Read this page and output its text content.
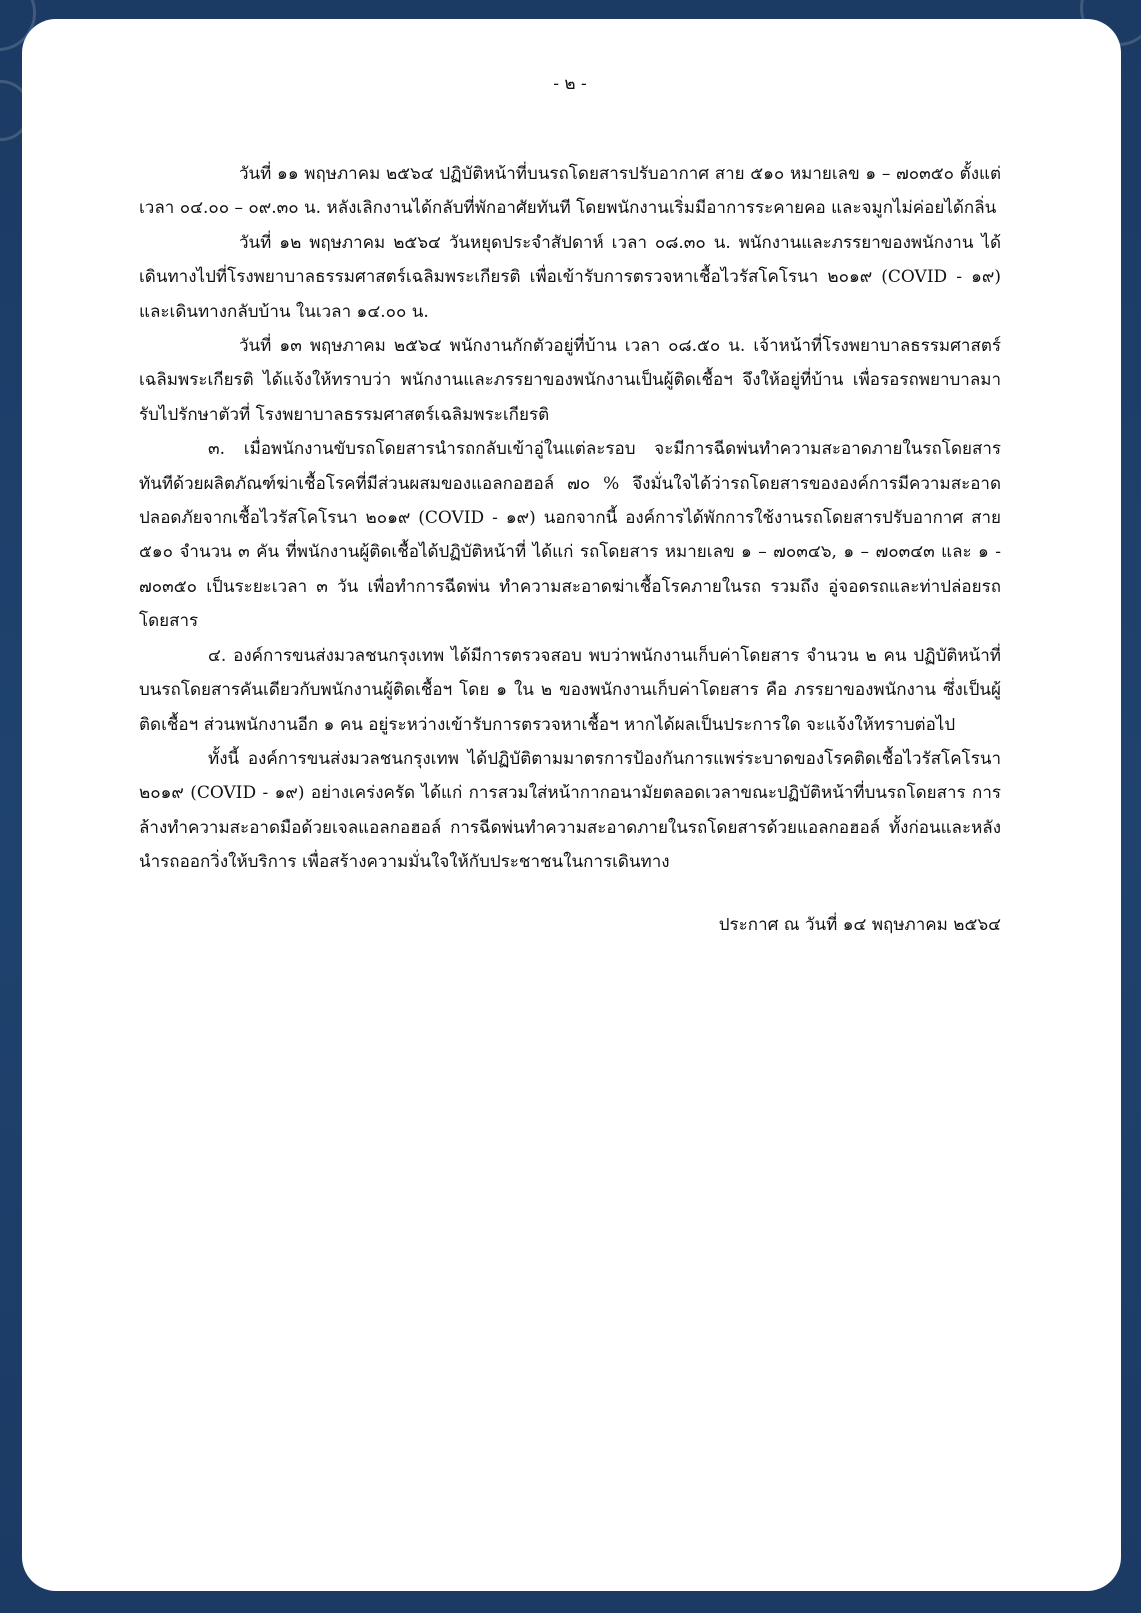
- ๒ -

วันที่ ๑๑ พฤษภาคม ๒๕๖๔ ปฏิบัติหน้าที่บนรถโดยสารปรับอากาศ สาย ๕๑๐ หมายเลข ๑ – ๗๐๓๕๐ ตั้งแต่เวลา ๐๔.๐๐ – ๐๙.๓๐ น. หลังเลิกงานได้กลับที่พักอาศัยทันที โดยพนักงานเริ่มมีอาการระคายคอ และจมูกไม่ค่อยได้กลิ่น

วันที่ ๑๒ พฤษภาคม ๒๕๖๔ วันหยุดประจำสัปดาห์ เวลา ๐๘.๓๐ น. พนักงานและภรรยาของพนักงาน ได้เดินทางไปที่โรงพยาบาลธรรมศาสตร์เฉลิมพระเกียรติ เพื่อเข้ารับการตรวจหาเชื้อไวรัสโคโรนา ๒๐๑๙ (COVID - ๑๙) และเดินทางกลับบ้าน ในเวลา ๑๔.๐๐ น.

วันที่ ๑๓ พฤษภาคม ๒๕๖๔ พนักงานกักตัวอยู่ที่บ้าน เวลา ๐๘.๕๐ น. เจ้าหน้าที่โรงพยาบาลธรรมศาสตร์เฉลิมพระเกียรติ ได้แจ้งให้ทราบว่า พนักงานและภรรยาของพนักงานเป็นผู้ติดเชื้อฯ จึงให้อยู่ที่บ้าน เพื่อรอรถพยาบาลมารับไปรักษาตัวที่ โรงพยาบาลธรรมศาสตร์เฉลิมพระเกียรติ

๓. เมื่อพนักงานขับรถโดยสารนำรถกลับเข้าอู่ในแต่ละรอบ จะมีการฉีดพ่นทำความสะอาดภายในรถโดยสารทันทีด้วยผลิตภัณฑ์ฆ่าเชื้อโรคที่มีส่วนผสมของแอลกอฮอล์ ๗๐ % จึงมั่นใจได้ว่ารถโดยสารขององค์การมีความสะอาด ปลอดภัยจากเชื้อไวรัสโคโรนา ๒๐๑๙ (COVID - ๑๙) นอกจากนี้ องค์การได้พักการใช้งานรถโดยสารปรับอากาศ สาย ๕๑๐ จำนวน ๓ คัน ที่พนักงานผู้ติดเชื้อได้ปฏิบัติหน้าที่ ได้แก่ รถโดยสาร หมายเลข ๑ – ๗๐๓๔๖, ๑ – ๗๐๓๔๓ และ ๑ - ๗๐๓๕๐ เป็นระยะเวลา ๓ วัน เพื่อทำการฉีดพ่น ทำความสะอาดฆ่าเชื้อโรคภายในรถ รวมถึง อู่จอดรถและท่าปล่อยรถโดยสาร

๔. องค์การขนส่งมวลชนกรุงเทพ ได้มีการตรวจสอบ พบว่าพนักงานเก็บค่าโดยสาร จำนวน ๒ คน ปฏิบัติหน้าที่บนรถโดยสารคันเดียวกับพนักงานผู้ติดเชื้อฯ โดย ๑ ใน ๒ ของพนักงานเก็บค่าโดยสาร คือ ภรรยาของพนักงาน ซึ่งเป็นผู้ติดเชื้อฯ ส่วนพนักงานอีก ๑ คน อยู่ระหว่างเข้ารับการตรวจหาเชื้อฯ หากได้ผลเป็นประการใด จะแจ้งให้ทราบต่อไป

ทั้งนี้ องค์การขนส่งมวลชนกรุงเทพ ได้ปฏิบัติตามมาตรการป้องกันการแพร่ระบาดของโรคติดเชื้อไวรัสโคโรนา ๒๐๑๙ (COVID - ๑๙) อย่างเคร่งครัด ได้แก่ การสวมใส่หน้ากากอนามัยตลอดเวลาขณะปฏิบัติหน้าที่บนรถโดยสาร การล้างทำความสะอาดมือด้วยเจลแอลกอฮอล์ การฉีดพ่นทำความสะอาดภายในรถโดยสารด้วยแอลกอฮอล์ ทั้งก่อนและหลังนำรถออกวิ่งให้บริการ เพื่อสร้างความมั่นใจให้กับประชาชนในการเดินทาง

ประกาศ ณ วันที่ ๑๔ พฤษภาคม ๒๕๖๔
